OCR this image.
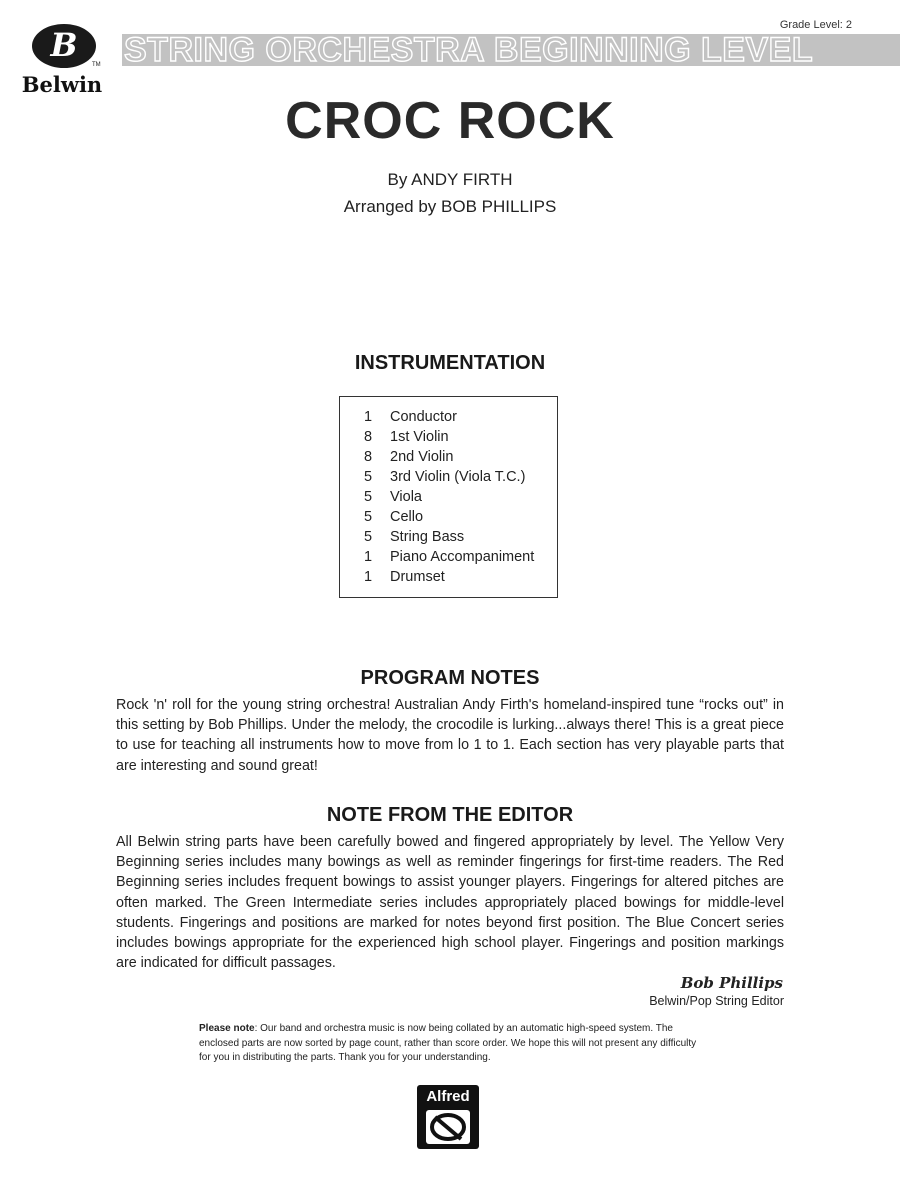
B
TM
Belwin
Grade Level: 2
STRING ORCHESTRA BEGINNING LEVEL
CROC ROCK
By ANDY FIRTH
Arranged by BOB PHILLIPS
INSTRUMENTATION
1	Conductor
8	1st Violin
8	2nd Violin
5	3rd Violin (Viola T.C.)
5	Viola
5	Cello
5	String Bass
1	Piano Accompaniment
1	Drumset
PROGRAM NOTES

Rock 'n' roll for the young string orchestra! Australian Andy Firth's homeland-inspired tune “rocks out” in this setting by Bob Phillips. Under the melody, the crocodile is lurking...always there! This is a great piece to use for teaching all instruments how to move from lo 1 to 1. Each section has very playable parts that are interesting and sound great!

NOTE FROM THE EDITOR

All Belwin string parts have been carefully bowed and fingered appropriately by level. The Yellow Very Beginning series includes many bowings as well as reminder fingerings for first-time readers. The Red Beginning series includes frequent bowings to assist younger players. Fingerings for altered pitches are often marked. The Green Intermediate series includes appropriately placed bowings for middle-level students. Fingerings and positions are marked for notes beyond first position. The Blue Concert series includes bowings appropriate for the experienced high school player. Fingerings and position markings are indicated for difficult passages.

Bob Phillips
Belwin/Pop String Editor

Please note: Our band and orchestra music is now being collated by an automatic high-speed system. The enclosed parts are now sorted by page count, rather than score order. We hope this will not present any difficulty for you in distributing the parts. Thank you for your understanding.

Alfred
